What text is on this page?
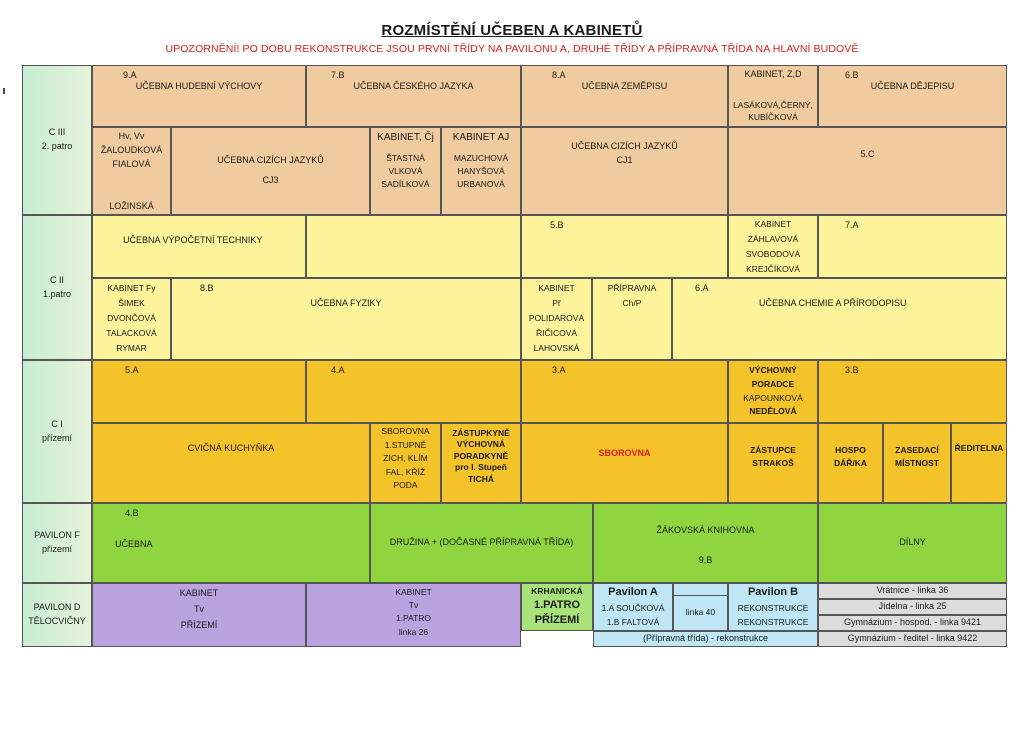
ROZMÍSTĚNÍ UČEBEN A KABINETŮ
UPOZORNĚNÍ! PO DOBU REKONSTRUKCE JSOU PRVNÍ TŘÍDY NA PAVILONU A, DRUHÉ TŘÍDY A PŘÍPRAVNÁ TŘÍDA NA HLAVNÍ BUDOVĚ
C III
2. patro
C II
1.patro
C I
přízemí
PAVILON F
přízemí
PAVILON D
TĚLOCVIČNY
9.A
UČEBNA HUDEBNÍ VÝCHOVY
7.B
UČEBNA ČESKÉHO JAZYKA
8.A
UČEBNA ZEMĚPISU
KABINET, Z,D
LASÁKOVÁ,ČERNÝ,
KUBÍČKOVÁ
6.B
UČEBNA DĚJEPISU
Hv, Vv
ŽALOUDKOVÁ
FIALOVÁ
LOŽINSKÁ
UČEBNA CIZÍCH JAZYKŮ
CJ3
KABINET, Čj
ŠTASTNÁ
VLKOVÁ
SADÍLKOVÁ
KABINET AJ
MAZUCHOVÁ
HANYŠOVÁ
URBANOVÁ
UČEBNA CIZÍCH JAZYKŮ
CJ1
5.C
UČEBNA VÝPOČETNÍ TECHNIKY
5.B	KABINET
ZÁHLAVOVÁ
SVOBODOVÁ
KREJČÍKOVÁ
7.A
KABINET Fy
ŠIMEK
DVONČOVÁ
TALACKOVÁ
RYMAR
8.B
UČEBNA FYZIKY
KABINET
Př
POLIDAROVÁ
ŘIČICOVÁ
LAHOVSKÁ
PŘÍPRAVNA
Ch/P
6.A
UČEBNA CHEMIE A PŘÍRODOPISU
5.A	4.A	3.A	VÝCHOVNÝ
PORADCE
KAPOUNKOVÁ
NEDĚLOVÁ
3.B
CVIČNÁ KUCHYŇKA
SBOROVNA
1.STUPNĚ
ZICH, KLÍM
FAL, KŘÍŽ
PODA
ZÁSTUPKYNĚ
VÝCHOVNÁ
PORADKYNĚ
pro I. Stupeň
TICHÁ
SBOROVNA	ZÁSTUPCE
STRAKOŠ
HOSPO
DÁŘ/KA
ZASEDACÍ
MÍSTNOST
ŘEDITELNA
4.B
UČEBNA	DRUŽINA + (DOČASNÉ PŘÍPRAVNÁ TŘÍDA)
ŽÁKOVSKÁ KNIHOVNA
9.B
DÍLNY
KABINET
Tv
PŘÍZEMÍ
KABINET
Tv
1.PATRO
linka 26
KRHANICKÁ
1.PATRO
PŘÍZEMÍ
Pavilon A
1.A SOUČKOVÁ
1.B FALTOVÁ
linka 40
Pavilon B
REKONSTRUKCE
REKONSTRUKCE
(Přípravná třída) - rekonstrukce
Vrátnice - linka 36
Jídelna - linka 25
Gymnázium - hospod. - linka 9421
Gymnázium - ředitel - linka 9422
